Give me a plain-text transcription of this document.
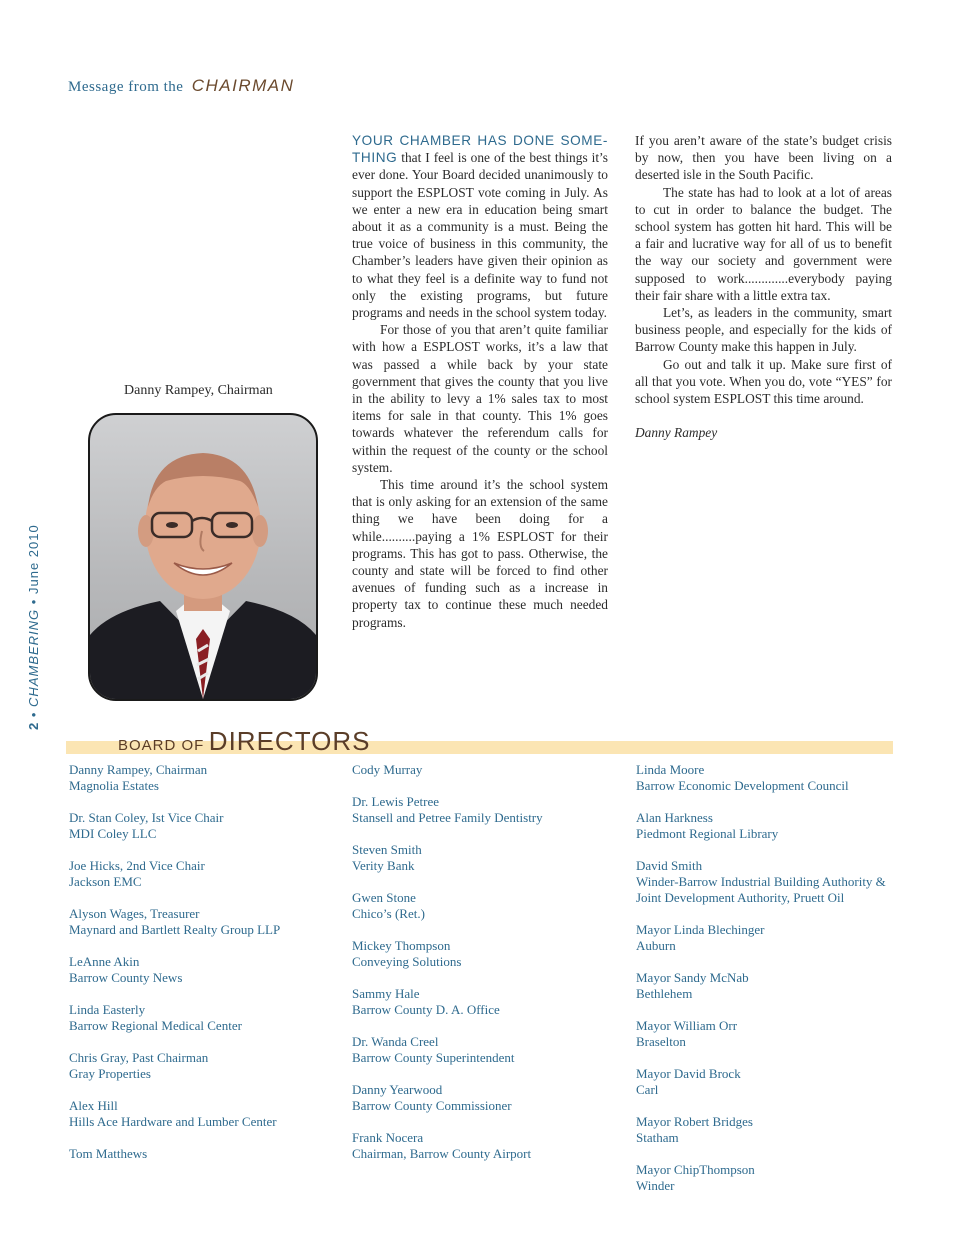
Message from the CHAIRMAN
2 • CHAMBERING • June 2010
Danny Rampey, Chairman

YOUR CHAMBER HAS DONE SOME-THING that I feel is one of the best things it’s ever done. Your Board decided unanimously to support the ESPLOST vote coming in July. As we enter a new era in education being smart about it as a community is a must. Being the true voice of business in this community, the Chamber’s leaders have given their opinion as to what they feel is a definite way to fund not only the existing programs, but future programs and needs in the school system today.

For those of you that aren’t quite familiar with how a ESPLOST works, it’s a law that was passed a while back by your state government that gives the county that you live in the ability to levy a 1% sales tax to most items for sale in that county. This 1% goes towards whatever the referendum calls for within the request of the county or the school system.

This time around it’s the school system that is only asking for an extension of the same thing we have been doing for a while..........paying a 1% ESPLOST for their programs. This has got to pass. Otherwise, the county and state will be forced to find other avenues of funding such as a increase in property tax to continue these much needed programs.

If you aren’t aware of the state’s budget crisis by now, then you have been living on a deserted isle in the South Pacific.

The state has had to look at a lot of areas to cut in order to balance the budget. The school system has gotten hit hard. This will be a fair and lucrative way for all of us to benefit the way our society and government were supposed to work.............everybody paying their fair share with a little extra tax.

Let’s, as leaders in the community, smart business people, and especially for the kids of Barrow County make this happen in July.

Go out and talk it up. Make sure first of all that you vote. When you do, vote “YES” for school system ESPLOST this time around.

Danny Rampey

BOARD OF DIRECTORS
Danny Rampey, Chairman
Magnolia Estates
Dr. Stan Coley, Ist Vice Chair
MDI Coley LLC
Joe Hicks, 2nd Vice Chair
Jackson EMC
Alyson Wages, Treasurer
Maynard and Bartlett Realty Group LLP
LeAnne Akin
Barrow County News
Linda Easterly
Barrow Regional Medical Center
Chris Gray, Past Chairman
Gray Properties
Alex Hill
Hills Ace Hardware and Lumber Center
Tom Matthews
Cody Murray
Dr. Lewis Petree
Stansell and Petree Family Dentistry
Steven Smith
Verity Bank
Gwen Stone
Chico’s (Ret.)
Mickey Thompson
Conveying Solutions
Sammy Hale
Barrow County D. A. Office
Dr. Wanda Creel
Barrow County Superintendent
Danny Yearwood
Barrow County Commissioner
Frank Nocera
Chairman, Barrow County Airport
Linda Moore
Barrow Economic Development Council
Alan Harkness
Piedmont Regional Library
David Smith
Winder-Barrow Industrial Building Authority &
Joint Development Authority, Pruett Oil
Mayor Linda Blechinger
Auburn
Mayor Sandy McNab
Bethlehem
Mayor William Orr
Braselton
Mayor David Brock
Carl
Mayor Robert Bridges
Statham
Mayor ChipThompson
Winder
